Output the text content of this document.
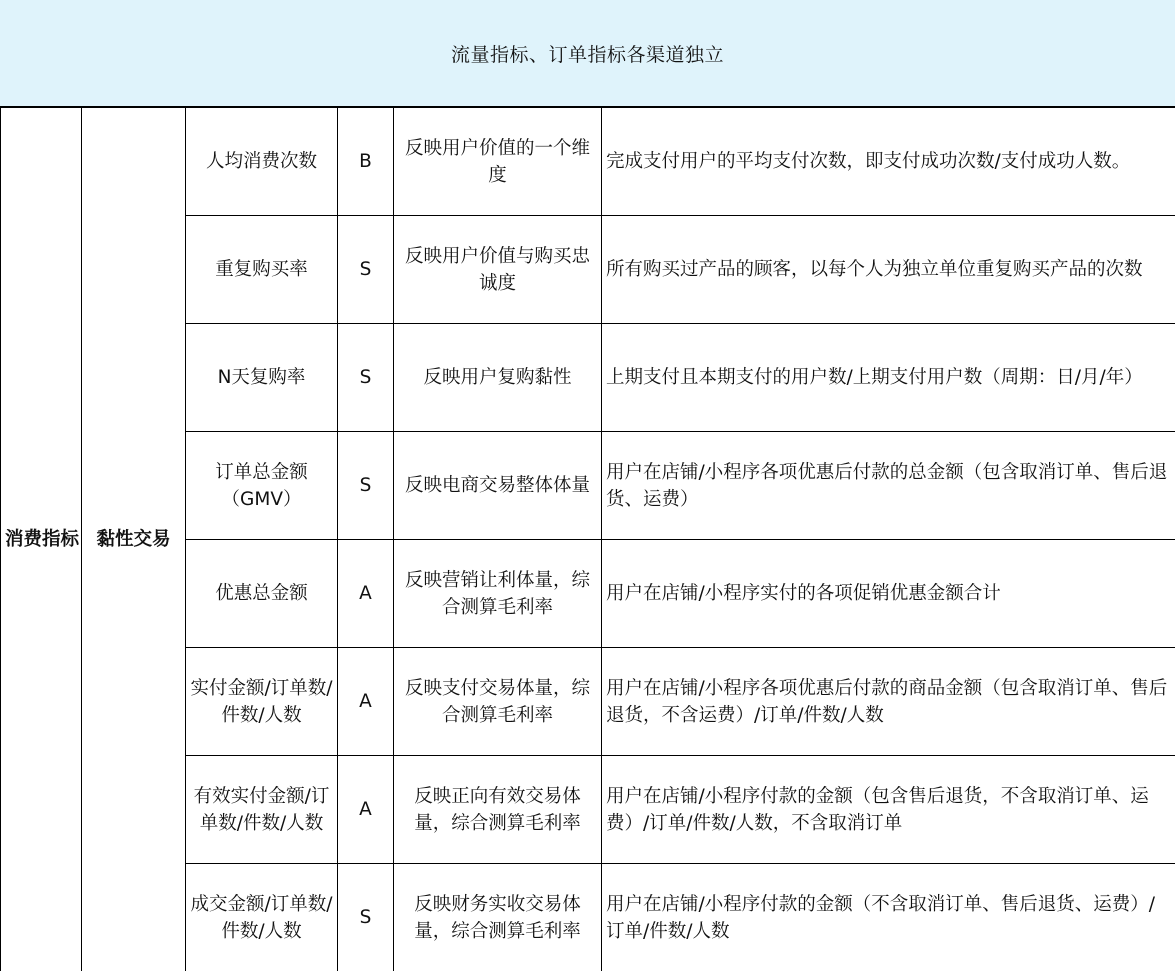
流量指标、订单指标各渠道独立
消费指标	黏性交易	人均消费次数	B	反映用户价值的一个维度	完成支付用户的平均支付次数，即支付成功次数/支付成功人数。
		重复购买率	S	反映用户价值与购买忠诚度	所有购买过产品的顾客，以每个人为独立单位重复购买产品的次数
		N天复购率	S	反映用户复购黏性	上期支付且本期支付的用户数/上期支付用户数（周期：日/月/年）
		订单总金额（GMV）	S	反映电商交易整体体量	用户在店铺/小程序各项优惠后付款的总金额（包含取消订单、售后退货、运费）
		优惠总金额	A	反映营销让利体量，综合测算毛利率	用户在店铺/小程序实付的各项促销优惠金额合计
		实付金额/订单数/件数/人数	A	反映支付交易体量，综合测算毛利率	用户在店铺/小程序各项优惠后付款的商品金额（包含取消订单、售后退货，不含运费）/订单/件数/人数
		有效实付金额/订单数/件数/人数	A	反映正向有效交易体量，综合测算毛利率	用户在店铺/小程序付款的金额（包含售后退货，不含取消订单、运费）/订单/件数/人数，不含取消订单
		成交金额/订单数/件数/人数	S	反映财务实收交易体量，综合测算毛利率	用户在店铺/小程序付款的金额（不含取消订单、售后退货、运费）/订单/件数/人数
